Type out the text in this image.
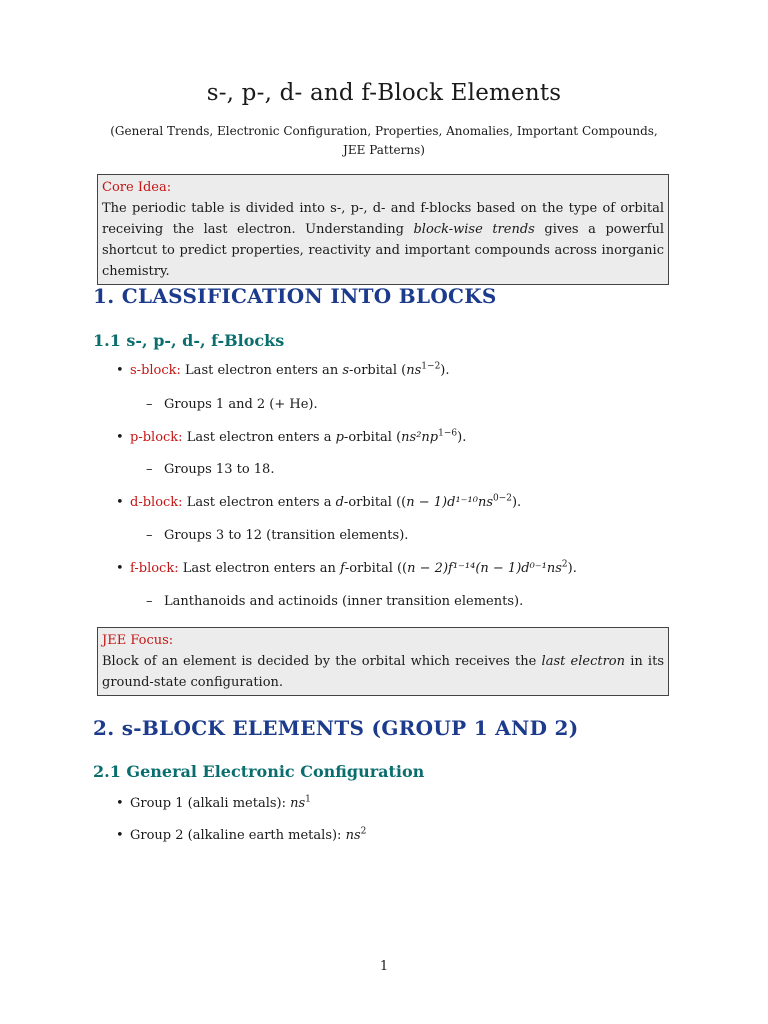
s-, p-, d- and f-Block Elements
(General Trends, Electronic Configuration, Properties, Anomalies, Important Compounds, JEE Patterns)
Core Idea:
The periodic table is divided into s-, p-, d- and f-blocks based on the type of orbital receiving the last electron. Understanding block-wise trends gives a powerful shortcut to predict properties, reactivity and important compounds across inorganic chemistry.
1. CLASSIFICATION INTO BLOCKS
1.1 s-, p-, d-, f-Blocks
• s-block: Last electron enters an s-orbital $(ns^{1-2})$.
– Groups 1 and 2 (+ He).
• p-block: Last electron enters a p-orbital $(ns^2np^{1-6})$.
– Groups 13 to 18.
• d-block: Last electron enters a d-orbital $((n - 1)d^{1-10}ns^{0-2})$.
– Groups 3 to 12 (transition elements).
• f-block: Last electron enters an f-orbital $((n - 2)f^{1-14}(n - 1)d^{0-1}ns^2)$.
– Lanthanoids and actinoids (inner transition elements).
JEE Focus:
Block of an element is decided by the orbital which receives the last electron in its ground-state configuration.
2. s-BLOCK ELEMENTS (GROUP 1 AND 2)
2.1 General Electronic Configuration
• Group 1 (alkali metals): $ns^1$
• Group 2 (alkaline earth metals): $ns^2$
1
